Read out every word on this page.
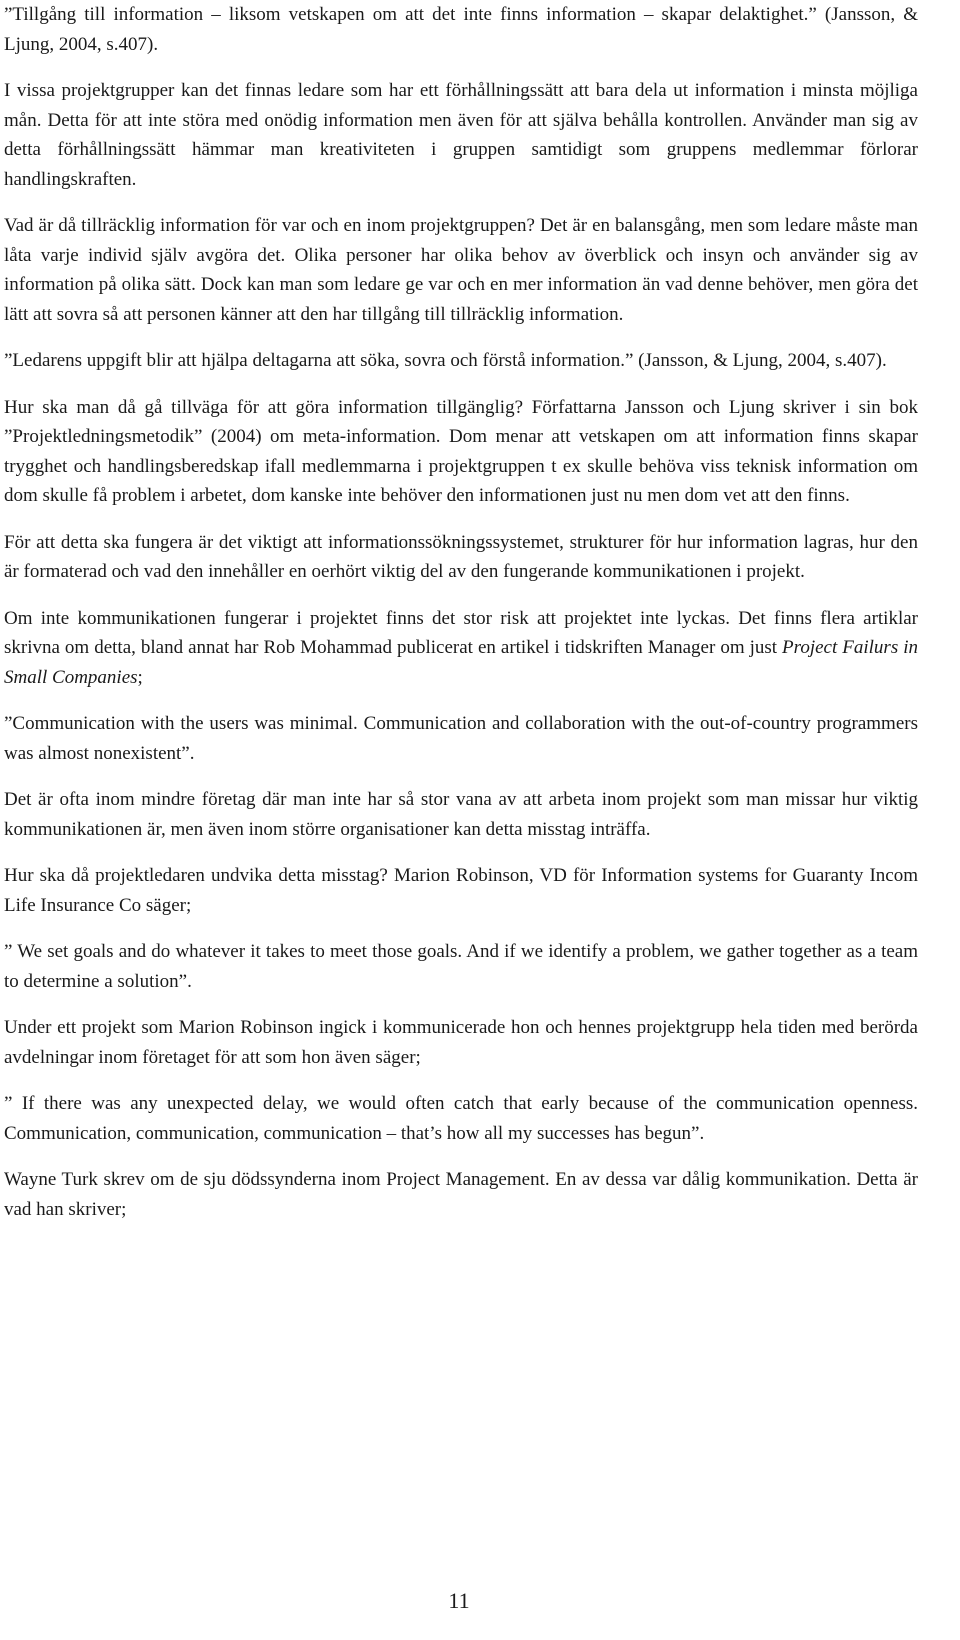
”Tillgång till information – liksom vetskapen om att det inte finns information – skapar delaktighet.” (Jansson, & Ljung, 2004, s.407).

I vissa projektgrupper kan det finnas ledare som har ett förhållningssätt att bara dela ut information i minsta möjliga mån. Detta för att inte störa med onödig information men även för att själva behålla kontrollen. Använder man sig av detta förhållningssätt hämmar man kreativiteten i gruppen samtidigt som gruppens medlemmar förlorar handlingskraften.

Vad är då tillräcklig information för var och en inom projektgruppen? Det är en balansgång, men som ledare måste man låta varje individ själv avgöra det. Olika personer har olika behov av överblick och insyn och använder sig av information på olika sätt. Dock kan man som ledare ge var och en mer information än vad denne behöver, men göra det lätt att sovra så att personen känner att den har tillgång till tillräcklig information.

”Ledarens uppgift blir att hjälpa deltagarna att söka, sovra och förstå information.” (Jansson, & Ljung, 2004, s.407).

Hur ska man då gå tillväga för att göra information tillgänglig? Författarna Jansson och Ljung skriver i sin bok ”Projektledningsmetodik” (2004) om meta-information. Dom menar att vetskapen om att information finns skapar trygghet och handlingsberedskap ifall medlemmarna i projektgruppen t ex skulle behöva viss teknisk information om dom skulle få problem i arbetet, dom kanske inte behöver den informationen just nu men dom vet att den finns.

För att detta ska fungera är det viktigt att informationssökningssystemet, strukturer för hur information lagras, hur den är formaterad och vad den innehåller en oerhört viktig del av den fungerande kommunikationen i projekt.

Om inte kommunikationen fungerar i projektet finns det stor risk att projektet inte lyckas. Det finns flera artiklar skrivna om detta, bland annat har Rob Mohammad publicerat en artikel i tidskriften Manager om just Project Failurs in Small Companies;

”Communication with the users was minimal. Communication and collaboration with the out-of-country programmers was almost nonexistent”.

Det är ofta inom mindre företag där man inte har så stor vana av att arbeta inom projekt som man missar hur viktig kommunikationen är, men även inom större organisationer kan detta misstag inträffa.

Hur ska då projektledaren undvika detta misstag? Marion Robinson, VD för Information systems for Guaranty Incom Life Insurance Co säger;

” We set goals and do whatever it takes to meet those goals. And if we identify a problem, we gather together as a team to determine a solution”.

Under ett projekt som Marion Robinson ingick i kommunicerade hon och hennes projektgrupp hela tiden med berörda avdelningar inom företaget för att som hon även säger;

” If there was any unexpected delay, we would often catch that early because of the communication openness. Communication, communication, communication – that’s how all my successes has begun”.

Wayne Turk skrev om de sju dödssynderna inom Project Management. En av dessa var dålig kommunikation. Detta är vad han skriver;

11
